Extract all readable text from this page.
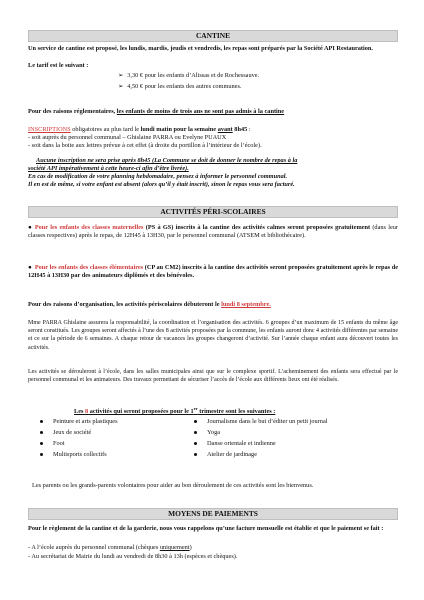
CANTINE
Un service de cantine est proposé, les lundis, mardis, jeudis et vendredis, les repas sont préparés par la Société API Restauration.
Le tarif est le suivant :
➢ 3,30 € pour les enfants d’Alissas et de Rochessauve.
➢ 4,50 € pour les enfants des autres communes.
Pour des raisons réglementaires, les enfants de moins de trois ans ne sont pas admis à la cantine
INSCRIPTIONS obligatoires au plus tard le lundi matin pour la semaine avant 8h45 :
- soit auprès du personnel communal – Ghislaine PARRA ou Evelyne PUAUX
- soit dans la boite aux lettres prévue à cet effet (à droite du portillon à l’intérieur de l’école).
Aucune inscription ne sera prise après 8h45 (La Commune se doit de donner le nombre de repas à la
société API impérativement à cette heure-ci afin d’être livrée).
En cas de modification de votre planning hebdomadaire, pensez à informer le personnel communal.
Il en est de même, si votre enfant est absent (alors qu’il y était inscrit), sinon le repas vous sera facturé.
ACTIVITÉS PÉRI-SCOLAIRES
● Pour les enfants des classes maternelles (PS à GS) inscrits à la cantine des activités calmes seront proposées gratuitement (dans leur classes respectives) après le repas, de 12H45 à 13H30, par le personnel communal (ATSEM et bibliothécaire).
● Pour les enfants des classes élémentaires (CP au CM2) inscrits à la cantine des activités seront proposées gratuitement après le repas de 12H45 à 13H30 par des animateurs diplômés et des bénévoles.
Pour des raisons d’organisation, les activités périscolaires débuteront le lundi 8 septembre.
Mme PARRA Ghislaine assurera la responsabilité, la coordination et l’organisation des activités. 6 groupes d’un maximum de 15 enfants du même âge seront constitués. Les groupes seront affectés à l’une des 8 activités proposées par la commune, les enfants auront donc 4 activités différentes par semaine et ce sur la période de 6 semaines. A chaque retour de vacances les groupes changeront d’activité. Sur l’année chaque enfant aura découvert toutes les activités.
Les activités se dérouleront à l’école, dans les salles municipales ainsi que sur le complexe sportif. L’acheminement des enfants sera effectué par le personnel communal et les animateurs. Des travaux permettant de sécuriser l’accès de l’école aux différents lieux ont été réalisés.
Les 8 activités qui seront proposées pour le 1er trimestre sont les suivantes :
Peinture et arts plastiques
Jeux de société
Foot
Multisports collectifs
Journalisme dans le but d’éditer un petit journal
Yoga
Danse orientale et indienne
Atelier de jardinage
Les parents ou les grands-parents volontaires pour aider au bon déroulement de ces activités sont les bienvenus.
MOYENS DE PAIEMENTS
Pour le règlement de la cantine et de la garderie, nous vous rappelons qu’une facture mensuelle est établie et que le paiement se fait :
- A l’école auprès du personnel communal (chèques uniquement)
- Au secrétariat de Mairie du lundi au vendredi de 8h30 à 13h (espèces et chèques).
